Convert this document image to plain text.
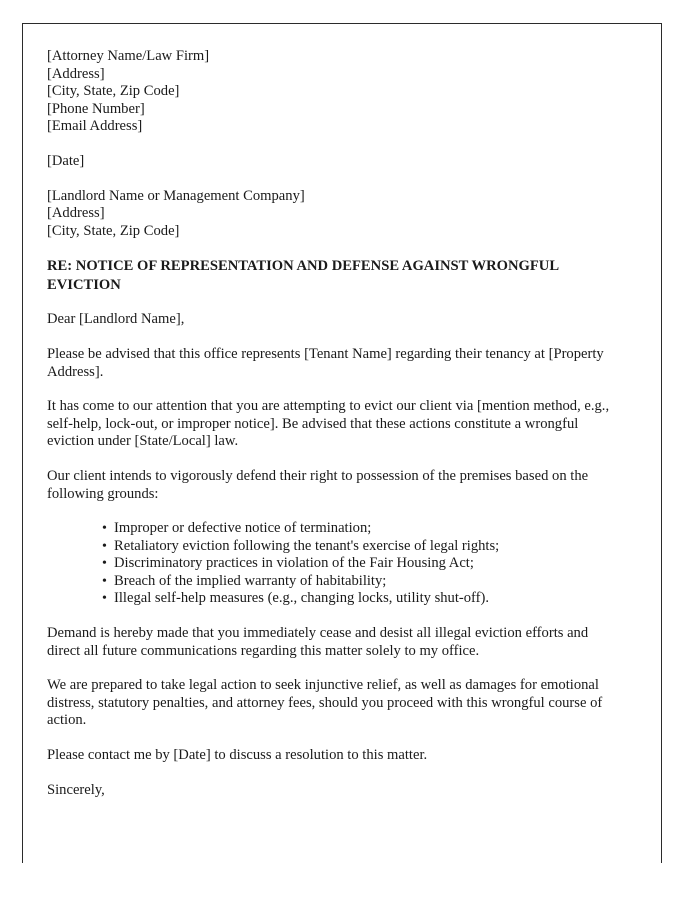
[Attorney Name/Law Firm]
[Address]
[City, State, Zip Code]
[Phone Number]
[Email Address]
[Date]
[Landlord Name or Management Company]
[Address]
[City, State, Zip Code]
RE: NOTICE OF REPRESENTATION AND DEFENSE AGAINST WRONGFUL EVICTION

Dear [Landlord Name],

Please be advised that this office represents [Tenant Name] regarding their tenancy at [Property Address].

It has come to our attention that you are attempting to evict our client via [mention method, e.g., self-help, lock-out, or improper notice]. Be advised that these actions constitute a wrongful eviction under [State/Local] law.

Our client intends to vigorously defend their right to possession of the premises based on the following grounds:

• Improper or defective notice of termination;
• Retaliatory eviction following the tenant's exercise of legal rights;
• Discriminatory practices in violation of the Fair Housing Act;
• Breach of the implied warranty of habitability;
• Illegal self-help measures (e.g., changing locks, utility shut-off).

Demand is hereby made that you immediately cease and desist all illegal eviction efforts and direct all future communications regarding this matter solely to my office.

We are prepared to take legal action to seek injunctive relief, as well as damages for emotional distress, statutory penalties, and attorney fees, should you proceed with this wrongful course of action.

Please contact me by [Date] to discuss a resolution to this matter.

Sincerely,
